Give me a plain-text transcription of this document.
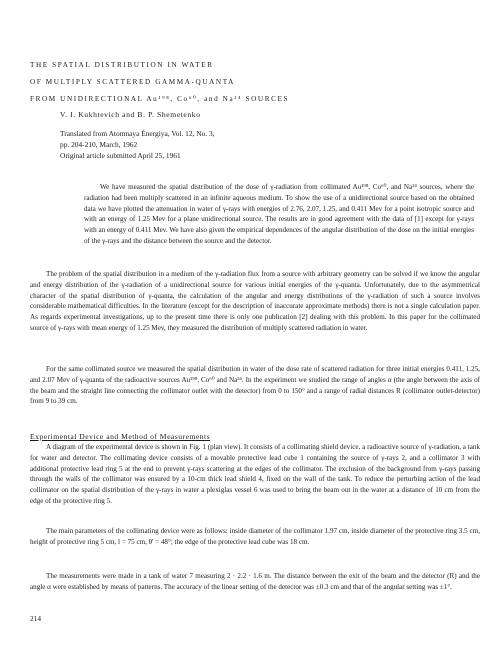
THE SPATIAL DISTRIBUTION IN WATER
OF MULTIPLY SCATTERED GAMMA-QUANTA
FROM UNIDIRECTIONAL Au¹⁹⁸, Co⁶⁰, and Na²⁴ SOURCES
V. I. Kukhtevich and B. P. Shemetenko
Translated from Atomnaya Énergiya, Vol. 12, No. 3,
pp. 204-210, March, 1962
Original article submitted April 25, 1961

We have measured the spatial distribution of the dose of γ-radiation from collimated Au¹⁹⁸, Co⁶⁰, and Na²⁴ sources, where the radiation had been multiply scattered in an infinite aqueous medium. To show the use of a unidirectional source based on the obtained data we have plotted the attenuation in water of γ-rays with energies of 2.76, 2.07, 1.25, and 0.411 Mev for a point isotropic source and with an energy of 1.25 Mev for a plane unidirectional source. The results are in good agreement with the data of [1] except for γ-rays with an energy of 0.411 Mev. We have also given the empirical dependences of the angular distribution of the dose on the initial energies of the γ-rays and the distance between the source and the detector.

The problem of the spatial distribution in a medium of the γ-radiation flux from a source with arbitrary geometry can be solved if we know the angular and energy distribution of the γ-radiation of a unidirectional source for various initial energies of the γ-quanta. Unfortunately, due to the asymmetrical character of the spatial distribution of γ-quanta, the calculation of the angular and energy distributions of the γ-radiation of such a source involves considerable mathematical difficulties. In the literature (except for the description of inaccurate approximate methods) there is not a single calculation paper. As regards experimental investigations, up to the present time there is only one publication [2] dealing with this problem. In this paper for the collimated source of γ-rays with mean energy of 1.25 Mev, they measured the distribution of multiply scattered radiation in water.

For the same collimated source we measured the spatial distribution in water of the dose rate of scattered radiation for three initial energies 0.411, 1.25, and 2.07 Mev of γ-quanta of the radioactive sources Au¹⁹⁸, Co⁶⁰ and Na²⁴. In the experiment we studied the range of angles α (the angle between the axis of the beam and the straight line connecting the collimator outlet with the detector) from 0 to 150° and a range of radial distances R (collimator outlet-detector) from 9 to 39 cm.

Experimental Device and Method of Measurements

A diagram of the experimental device is shown in Fig. 1 (plan view). It consists of a collimating shield device, a radioactive source of γ-radiation, a tank for water and detector. The collimating device consists of a movable protective lead cube 1 containing the source of γ-rays 2, and a collimator 3 with additional protective lead ring 5 at the end to prevent γ-rays scattering at the edges of the collimator. The exclusion of the background from γ-rays passing through the walls of the collimator was ensured by a 10-cm thick lead shield 4, fixed on the wall of the tank. To reduce the perturbing action of the lead collimator on the spatial distribution of the γ-rays in water a plexiglas vessel 6 was used to bring the beam out in the water at a distance of 10 cm from the edge of the protective ring 5.

The main parameters of the collimating device were as follows: inside diameter of the collimator 1.97 cm, inside diameter of the protective ring 3.5 cm, height of protective ring 5 cm, l = 75 cm, θ' = 48°; the edge of the protective lead cube was 18 cm.

The measurements were made in a tank of water 7 measuring 2 · 2.2 · 1.6 m. The distance between the exit of the beam and the detector (R) and the angle α were established by means of patterns. The accuracy of the linear setting of the detector was ±0.3 cm and that of the angular setting was ±1°.

214
